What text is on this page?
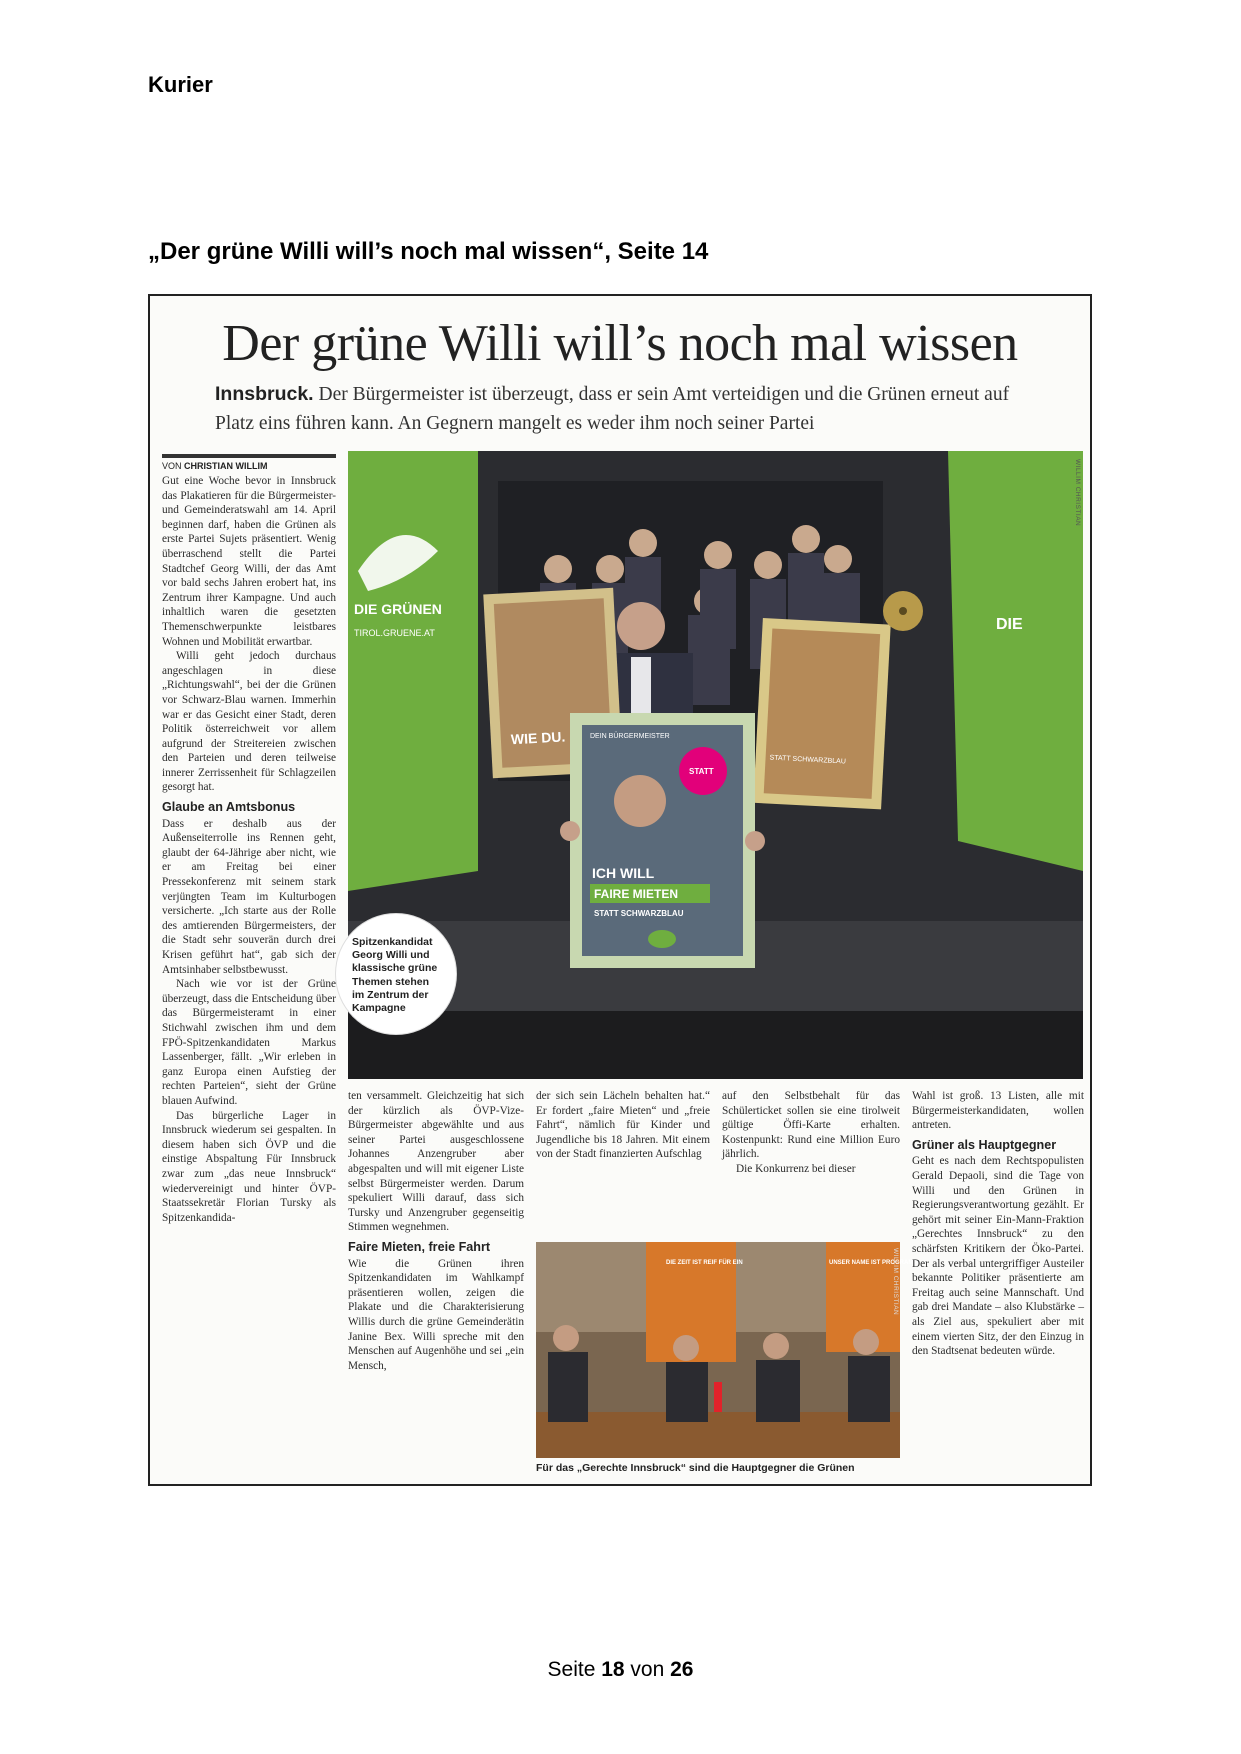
Kurier
„Der grüne Willi will’s noch mal wissen“, Seite 14
Der grüne Willi will’s noch mal wissen
Innsbruck. Der Bürgermeister ist überzeugt, dass er sein Amt verteidigen und die Grünen erneut auf Platz eins führen kann. An Gegnern mangelt es weder ihm noch seiner Partei
VON CHRISTIAN WILLIM

Gut eine Woche bevor in Innsbruck das Plakatieren für die Bürgermeister- und Gemeinderatswahl am 14. April beginnen darf, haben die Grünen als erste Partei Sujets präsentiert. Wenig überraschend stellt die Partei Stadtchef Georg Willi, der das Amt vor bald sechs Jahren erobert hat, ins Zentrum ihrer Kampagne. Und auch inhaltlich waren die gesetzten Themenschwerpunkte leistbares Wohnen und Mobilität erwartbar.

Willi geht jedoch durchaus angeschlagen in diese „Richtungswahl“, bei der die Grünen vor Schwarz-Blau warnen. Immerhin war er das Gesicht einer Stadt, deren Politik österreichweit vor allem aufgrund der Streitereien zwischen den Parteien und deren teilweise innerer Zerrissenheit für Schlagzeilen gesorgt hat.

Glaube an Amtsbonus

Dass er deshalb aus der Außenseiterrolle ins Rennen geht, glaubt der 64-Jährige aber nicht, wie er am Freitag bei einer Pressekonferenz mit seinem stark verjüngten Team im Kulturbogen versicherte. „Ich starte aus der Rolle des amtierenden Bürgermeisters, der die Stadt sehr souverän durch drei Krisen geführt hat“, gab sich der Amtsinhaber selbstbewusst.

Nach wie vor ist der Grüne überzeugt, dass die Entscheidung über das Bürgermeisteramt in einer Stichwahl zwischen ihm und dem FPÖ-Spitzenkandidaten Markus Lassenberger, fällt. „Wir erleben in ganz Europa einen Aufstieg der rechten Parteien“, sieht der Grüne blauen Aufwind.

Das bürgerliche Lager in Innsbruck wiederum sei gespalten. In diesem haben sich ÖVP und die einstige Abspaltung Für Innsbruck zwar zum „das neue Innsbruck“ wiedervereinigt und hinter ÖVP-Staatssekretär Florian Tursky als Spitzenkandida-

DIE GRÜNEN
TIROL.GRUENE.AT	DIE
WIE DU.
STATT SCHWARZBLAU
DEIN BÜRGERMEISTER
STATT
ICH WILL
FAIRE MIETEN
STATT SCHWARZBLAU
WILLIM CHRISTIAN
Spitzenkandidat Georg Willi und klassische grüne Themen stehen im Zentrum der Kampagne

ten versammelt. Gleichzeitig hat sich der kürzlich als ÖVP-Vize-Bürgermeister abgewählte und aus seiner Partei ausgeschlossene Johannes Anzengruber aber abgespalten und will mit eigener Liste selbst Bürgermeister werden. Darum spekuliert Willi darauf, dass sich Tursky und Anzengruber gegenseitig Stimmen wegnehmen.

Faire Mieten, freie Fahrt

Wie die Grünen ihren Spitzenkandidaten im Wahlkampf präsentieren wollen, zeigen die Plakate und die Charakterisierung Willis durch die grüne Gemeinderätin Janine Bex. Willi spreche mit den Menschen auf Augenhöhe und sei „ein Mensch,

der sich sein Lächeln behalten hat.“ Er fordert „faire Mieten“ und „freie Fahrt“, nämlich für Kinder und Jugendliche bis 18 Jahren. Mit einem von der Stadt finanzierten Aufschlag

auf den Selbstbehalt für das Schülerticket sollen sie eine tirolweit gültige Öffi-Karte erhalten. Kostenpunkt: Rund eine Million Euro jährlich.

Die Konkurrenz bei dieser

DIE ZEIT IST REIF FÜR EIN	UNSER NAME IST PROGRAMM
WILLIM CHRISTIAN
Für das „Gerechte Innsbruck“ sind die Hauptgegner die Grünen

Wahl ist groß. 13 Listen, alle mit Bürgermeisterkandidaten, wollen antreten.

Grüner als Hauptgegner

Geht es nach dem Rechtspopulisten Gerald Depaoli, sind die Tage von Willi und den Grünen in Regierungsverantwortung gezählt. Er gehört mit seiner Ein-Mann-Fraktion „Gerechtes Innsbruck“ zu den schärfsten Kritikern der Öko-Partei. Der als verbal untergriffiger Austeiler bekannte Politiker präsentierte am Freitag auch seine Mannschaft. Und gab drei Mandate – also Klubstärke – als Ziel aus, spekuliert aber mit einem vierten Sitz, der den Einzug in den Stadtsenat bedeuten würde.

Seite 18 von 26
